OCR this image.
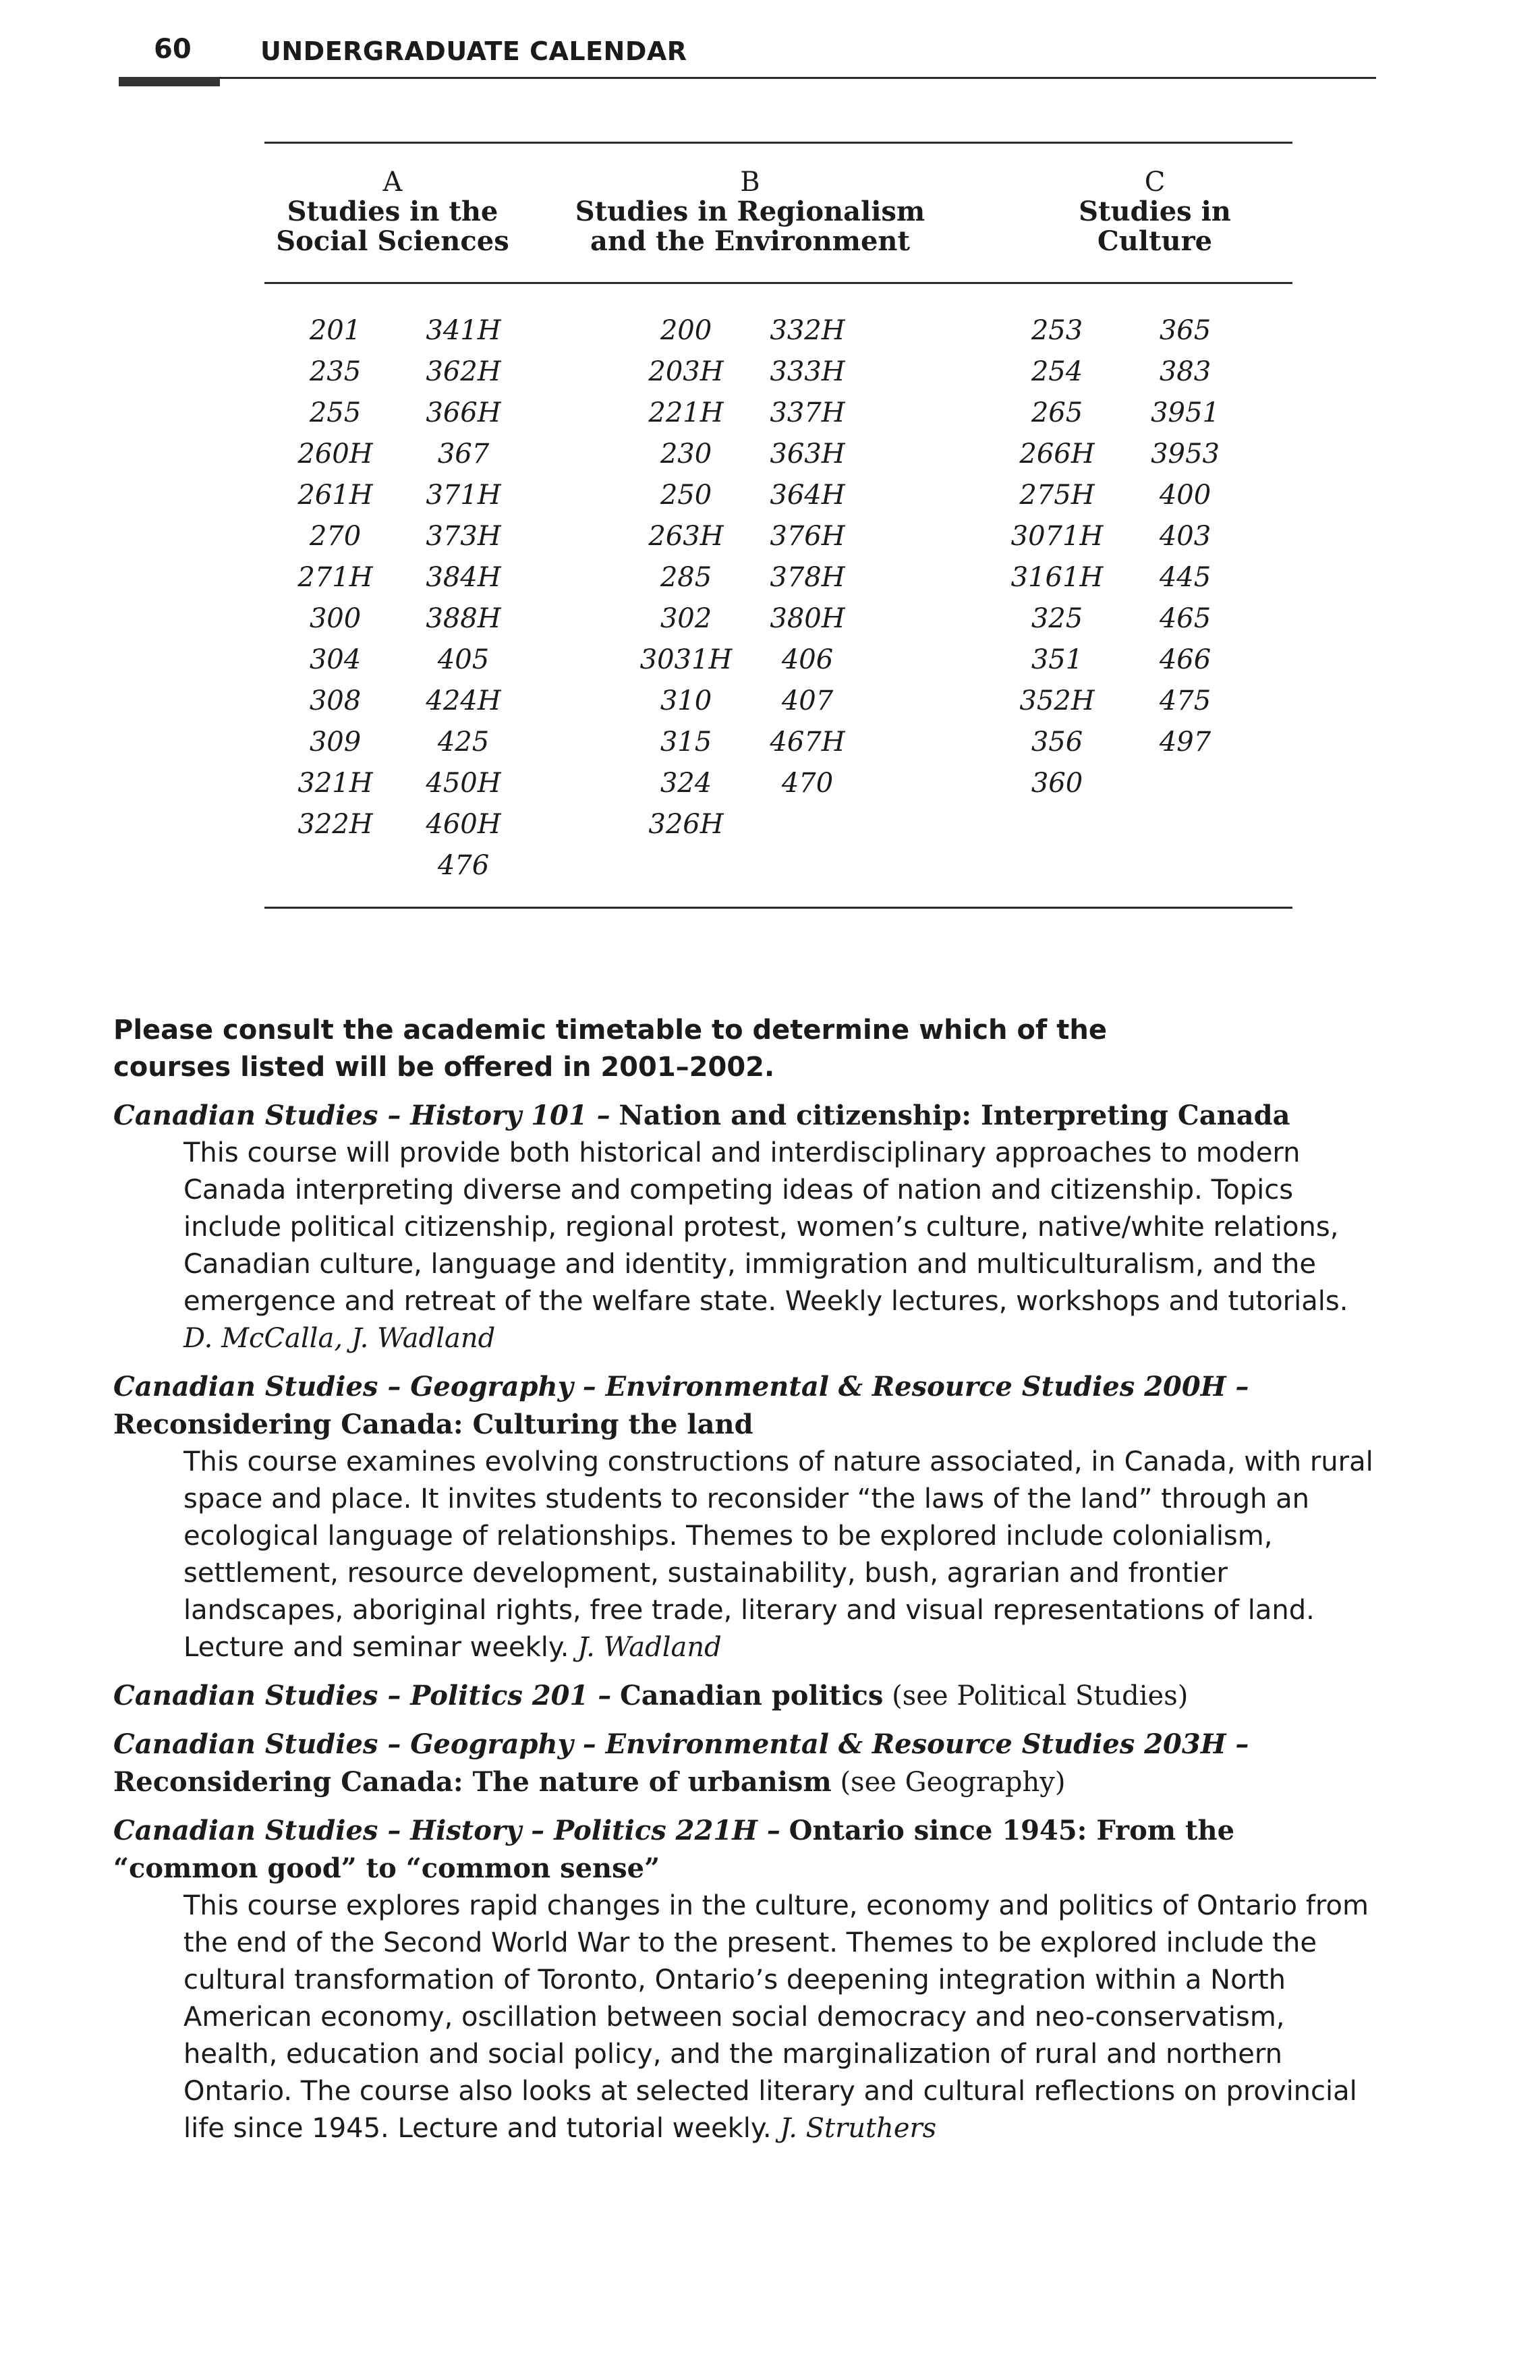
60	UNDERGRADUATE CALENDAR
A
Studies in the
Social Sciences
B
Studies in Regionalism
and the Environment
C
Studies in
Culture
201
235
255
260H
261H
270
271H
300
304
308
309
321H
322H
341H
362H
366H
367
371H
373H
384H
388H
405
424H
425
450H
460H
476
200
203H
221H
230
250
263H
285
302
3031H
310
315
324
326H
332H
333H
337H
363H
364H
376H
378H
380H
406
407
467H
470
253
254
265
266H
275H
3071H
3161H
325
351
352H
356
360
365
383
3951
3953
400
403
445
465
466
475
497
Please consult the academic timetable to determine which of the courses listed will be offered in 2001–2002.
Canadian Studies – History 101 – Nation and citizenship: Interpreting Canada
This course will provide both historical and interdisciplinary approaches to modern Canada interpreting diverse and competing ideas of nation and citizenship. Topics include political citizenship, regional protest, women’s culture, native/white relations, Canadian culture, language and identity, immigration and multiculturalism, and the emergence and retreat of the welfare state. Weekly lectures, workshops and tutorials.
D. McCalla, J. Wadland
Canadian Studies – Geography – Environmental & Resource Studies 200H –
Reconsidering Canada: Culturing the land
This course examines evolving constructions of nature associated, in Canada, with rural space and place. It invites students to reconsider “the laws of the land” through an ecological language of relationships. Themes to be explored include colonialism, settlement, resource development, sustainability, bush, agrarian and frontier landscapes, aboriginal rights, free trade, literary and visual representations of land. Lecture and seminar weekly. J. Wadland
Canadian Studies – Politics 201 – Canadian politics (see Political Studies)
Canadian Studies – Geography – Environmental & Resource Studies 203H –
Reconsidering Canada: The nature of urbanism (see Geography)
Canadian Studies – History – Politics 221H – Ontario since 1945: From the “common good” to “common sense”
This course explores rapid changes in the culture, economy and politics of Ontario from the end of the Second World War to the present. Themes to be explored include the cultural transformation of Toronto, Ontario’s deepening integration within a North American economy, oscillation between social democracy and neo-conservatism, health, education and social policy, and the marginalization of rural and northern Ontario. The course also looks at selected literary and cultural reflections on provincial life since 1945. Lecture and tutorial weekly. J. Struthers
